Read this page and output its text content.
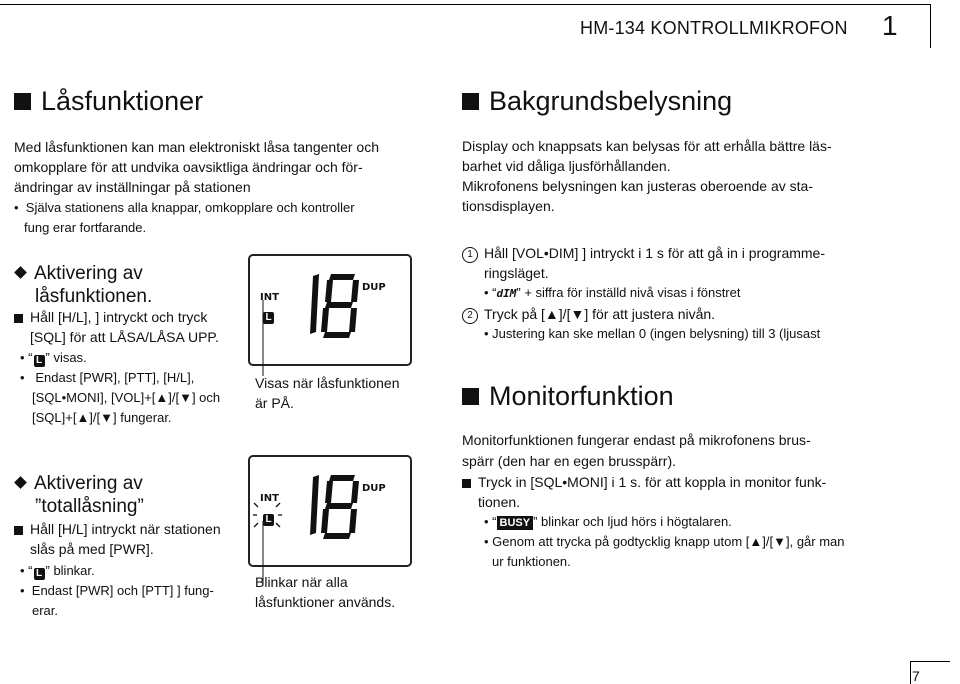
HM-134 KONTROLLMIKROFON 1
Låsfunktioner
Med låsfunktionen kan man elektroniskt låsa tangenter och
omkopplare för att undvika oavsiktliga ändringar och för-
ändringar av inställningar på stationen
•  Själva stationens alla knappar, omkopplare och kontroller
fung erar fortfarande.
Aktivering av
låsfunktionen.
Håll [H/L], ] intryckt och tryck
[SQL] för att LÅSA/LÅSA UPP.
• “ L ” visas.
•   Endast [PWR], [PTT], [H/L],
[SQL•MONI], [VOL]+[▲]/[▼] och
[SQL]+[▲]/[▼] fungerar.
Aktivering av
”totallåsning”
Håll [H/L] intryckt när stationen
slås på med [PWR].
• “ L ” blinkar.
•  Endast [PWR] och [PTT] ] fung-
erar.
INT
L
DUP
Visas när låsfunktionen
är PÅ.
INT
L
DUP
Blinkar när alla
låsfunktioner används.
Bakgrundsbelysning
Display och knappsats kan belysas för att erhålla bättre läs-
barhet vid dåliga ljusförhållanden.
Mikrofonens belysningen kan justeras oberoende av sta-
tionsdisplayen.
1 Håll [VOL•DIM] ] intryckt i 1 s för att gå in i programme-
ringsläget.
• “dIM” + siffra för inställd nivå visas i fönstret
2 Tryck på [▲]/[▼] för att justera nivån.
• Justering kan ske mellan 0 (ingen belysning) till 3 (ljusast
Monitorfunktion
Monitorfunktionen fungerar endast på mikrofonens brus-
spärr (den har en egen brusspärr).
Tryck in [SQL•MONI] i 1 s. för att koppla in monitor funk-
tionen.
• “ BUSY ” blinkar och ljud hörs i högtalaren.
• Genom att trycka på godtycklig knapp utom [▲]/[▼], går man
ur funktionen.
7
